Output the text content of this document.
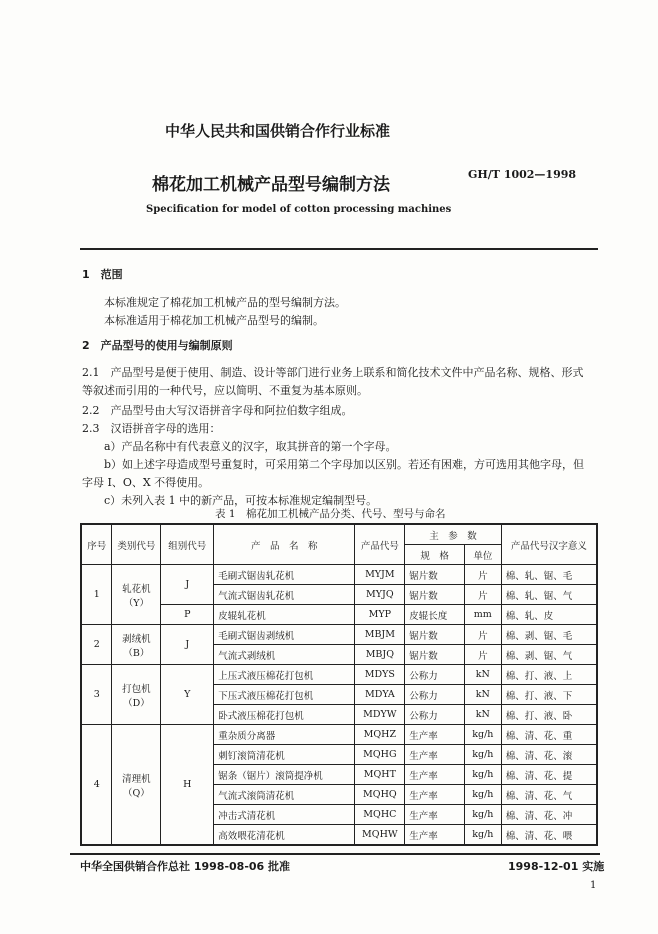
中华人民共和国供销合作行业标准
棉花加工机械产品型号编制方法
GH/T 1002—1998
Specification for model of cotton processing machines
1　范围
本标准规定了棉花加工机械产品的型号编制方法。
本标准适用于棉花加工机械产品型号的编制。
2　产品型号的使用与编制原则
2.1　产品型号是便于使用、制造、设计等部门进行业务上联系和简化技术文件中产品名称、规格、形式
等叙述而引用的一种代号，应以简明、不重复为基本原则。
2.2　产品型号由大写汉语拼音字母和阿拉伯数字组成。
2.3　汉语拼音字母的选用：
a）产品名称中有代表意义的汉字，取其拼音的第一个字母。
b）如上述字母造成型号重复时，可采用第二个字母加以区别。若还有困难，方可选用其他字母，但
字母 I、O、X 不得使用。
c）未列入表 1 中的新产品，可按本标准规定编制型号。
表 1　棉花加工机械产品分类、代号、型号与命名
序号	类别代号	组别代号	产　品　名　称	产品代号	主　参　数		产品代号汉字意义
					规　格	单位	
1	轧花机
（Y）	J	毛刷式锯齿轧花机	MYJM	锯片数	片	棉、轧、锯、毛
			气流式锯齿轧花机	MYJQ	锯片数	片	棉、轧、锯、气
		P	皮辊轧花机	MYP	皮辊长度	mm	棉、轧、皮
2	剥绒机
（B）	J	毛刷式锯齿剥绒机	MBJM	锯片数	片	棉、剥、锯、毛
			气流式剥绒机	MBJQ	锯片数	片	棉、剥、锯、气
3	打包机
（D）	Y	上压式液压棉花打包机	MDYS	公称力	kN	棉、打、液、上
			下压式液压棉花打包机	MDYA	公称力	kN	棉、打、液、下
			卧式液压棉花打包机	MDYW	公称力	kN	棉、打、液、卧
4	清理机
（Q）	H	重杂质分离器	MQHZ	生产率	kg/h	棉、清、花、重
			刺钉滚筒清花机	MQHG	生产率	kg/h	棉、清、花、滚
			锯条（锯片）滚筒提净机	MQHT	生产率	kg/h	棉、清、花、提
			气流式滚筒清花机	MQHQ	生产率	kg/h	棉、清、花、气
			冲击式清花机	MQHC	生产率	kg/h	棉、清、花、冲
			高效喂花清花机	MQHW	生产率	kg/h	棉、清、花、喂
中华全国供销合作总社 1998-08-06 批准	1998-12-01 实施
1
